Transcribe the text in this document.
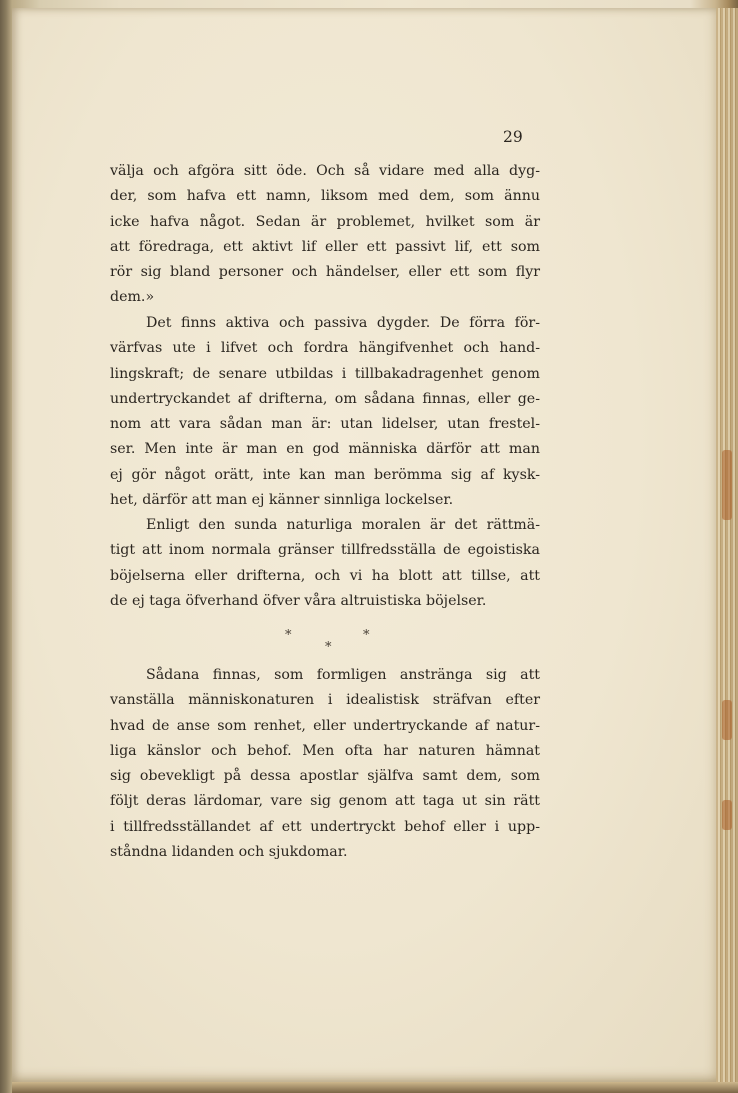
29
välja och afgöra sitt öde. Och så vidare med alla dyg-
der, som hafva ett namn, liksom med dem, som ännu
icke hafva något. Sedan är problemet, hvilket som är
att föredraga, ett aktivt lif eller ett passivt lif, ett som
rör sig bland personer och händelser, eller ett som flyr
dem.»
Det finns aktiva och passiva dygder. De förra för-
värfvas ute i lifvet och fordra hängifvenhet och hand-
lingskraft; de senare utbildas i tillbakadragenhet genom
undertryckandet af drifterna, om sådana finnas, eller ge-
nom att vara sådan man är: utan lidelser, utan frestel-
ser. Men inte är man en god människa därför att man
ej gör något orätt, inte kan man berömma sig af kysk-
het, därför att man ej känner sinnliga lockelser.
Enligt den sunda naturliga moralen är det rättmä-
tigt att inom normala gränser tillfredsställa de egoistiska
böjelserna eller drifterna, och vi ha blott att tillse, att
de ej taga öfverhand öfver våra altruistiska böjelser.
*
*
*
Sådana finnas, som formligen anstränga sig att
vanställa människonaturen i idealistisk sträfvan efter
hvad de anse som renhet, eller undertryckande af natur-
liga känslor och behof. Men ofta har naturen hämnat
sig obevekligt på dessa apostlar själfva samt dem, som
följt deras lärdomar, vare sig genom att taga ut sin rätt
i tillfredsställandet af ett undertryckt behof eller i upp-
ståndna lidanden och sjukdomar.
